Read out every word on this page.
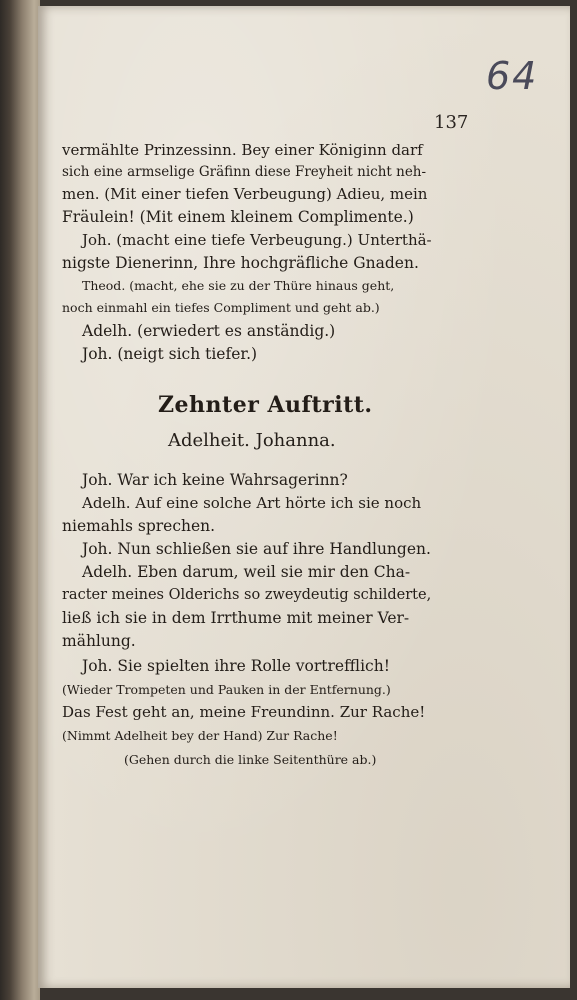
64
137
vermählte Prinzessinn. Bey einer Königinn darf
sich eine armselige Gräfinn diese Freyheit nicht neh-
men. (Mit einer tiefen Verbeugung) Adieu, mein
Fräulein! (Mit einem kleinem Complimente.)
Joh. (macht eine tiefe Verbeugung.) Unterthä-
nigste Dienerinn, Ihre hochgräfliche Gnaden.
Theod. (macht, ehe sie zu der Thüre hinaus geht,
noch einmahl ein tiefes Compliment und geht ab.)
Adelh. (erwiedert es anständig.)
Joh. (neigt sich tiefer.)
Zehnter Auftritt.
Adelheit. Johanna.
Joh. War ich keine Wahrsagerinn?
Adelh. Auf eine solche Art hörte ich sie noch
niemahls sprechen.
Joh. Nun schließen sie auf ihre Handlungen.
Adelh. Eben darum, weil sie mir den Cha-
racter meines Olderichs so zweydeutig schilderte,
ließ ich sie in dem Irrthume mit meiner Ver-
mählung.
Joh. Sie spielten ihre Rolle vortrefflich!
(Wieder Trompeten und Pauken in der Entfernung.)
Das Fest geht an, meine Freundinn. Zur Rache!
(Nimmt Adelheit bey der Hand) Zur Rache!
(Gehen durch die linke Seitenthüre ab.)
